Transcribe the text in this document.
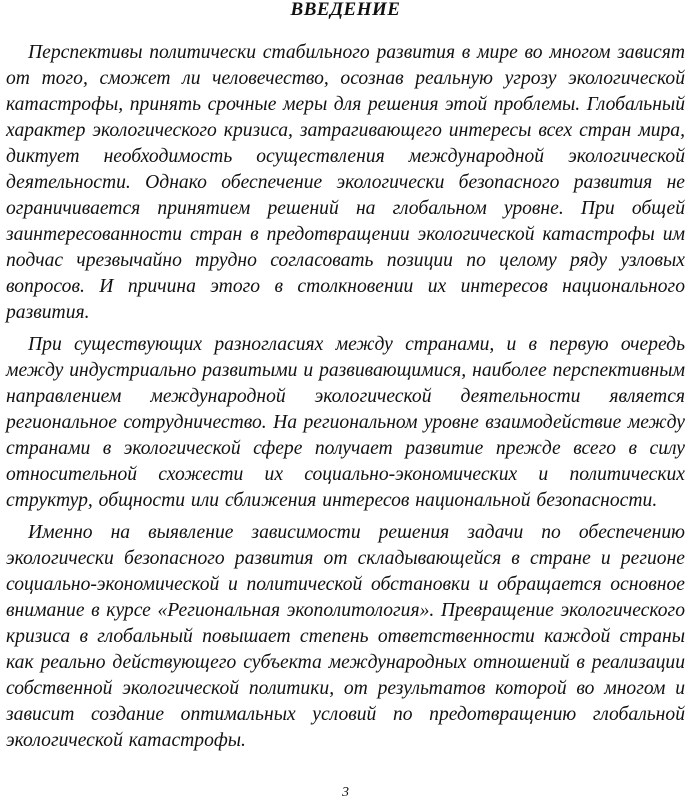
ВВЕДЕНИЕ

Перспективы политически стабильного развития в мире во многом зависят от того, сможет ли человечество, осознав реальную угрозу экологической катастрофы, принять срочные меры для решения этой проблемы. Глобальный характер экологического кризиса, затрагивающего интересы всех стран мира, диктует необходимость осуществления международной экологической деятельности. Однако обеспечение экологически безопасного развития не ограничивается принятием решений на глобальном уровне. При общей заинтересованности стран в предотвращении экологической катастрофы им подчас чрезвычайно трудно согласовать позиции по целому ряду узловых вопросов. И причина этого в столкновении их интересов национального развития.

При существующих разногласиях между странами, и в первую очередь между индустриально развитыми и развивающимися, наиболее перспективным направлением международной экологической деятельности является региональное сотрудничество. На региональном уровне взаимодействие между странами в экологической сфере получает развитие прежде всего в силу относительной схожести их социально-экономических и политических структур, общности или сближения интересов национальной безопасности.

Именно на выявление зависимости решения задачи по обеспечению экологически безопасного развития от складывающейся в стране и регионе социально-экономической и политической обстановки и обращается основное внимание в курсе «Региональная экополитология». Превращение экологического кризиса в глобальный повышает степень ответственности каждой страны как реально действующего субъекта международных отношений в реализации собственной экологической политики, от результатов которой во многом и зависит создание оптимальных условий по предотвращению глобальной экологической катастрофы.

3
